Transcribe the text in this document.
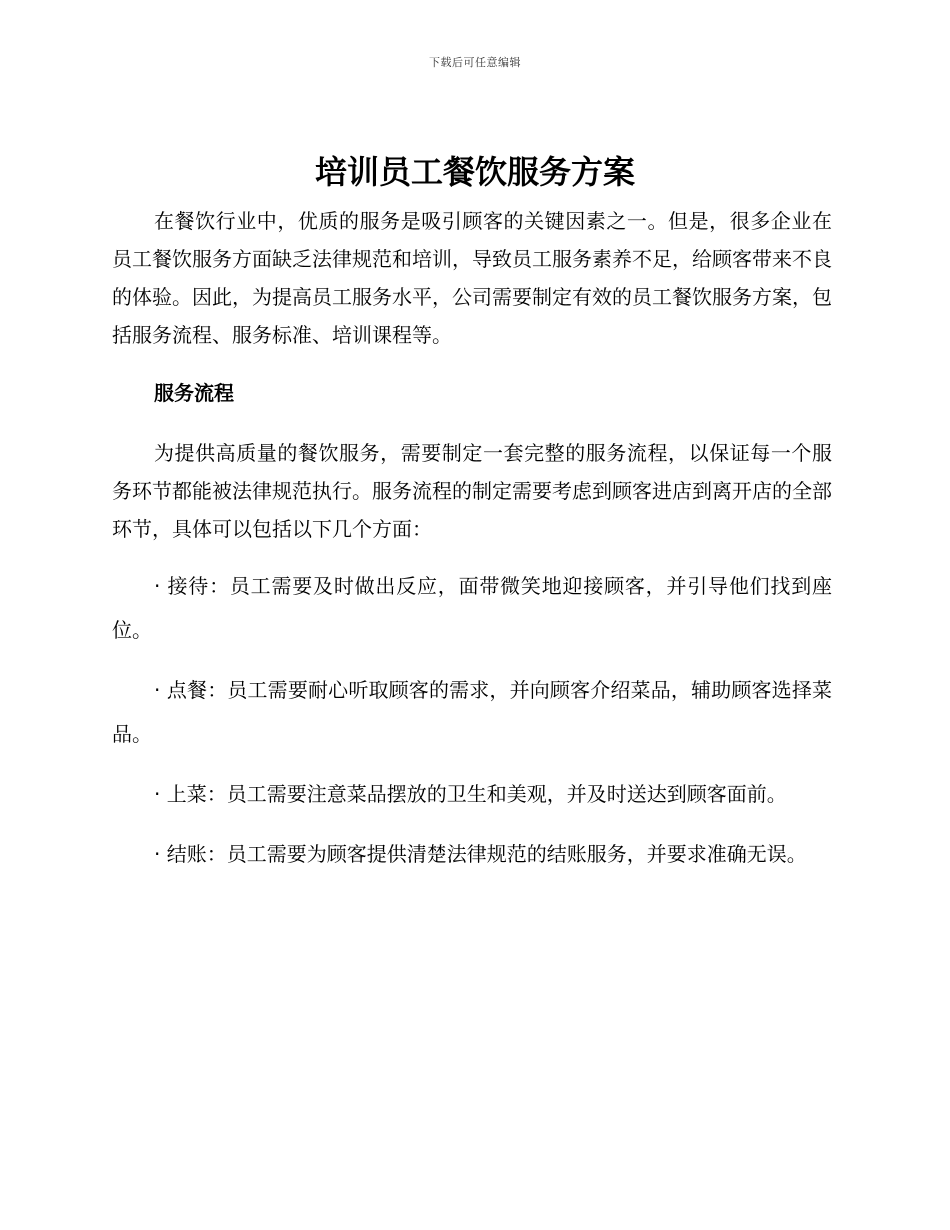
下载后可任意编辑
培训员工餐饮服务方案

在餐饮行业中，优质的服务是吸引顾客的关键因素之一。但是，很多企业在员工餐饮服务方面缺乏法律规范和培训，导致员工服务素养不足，给顾客带来不良的体验。因此，为提高员工服务水平，公司需要制定有效的员工餐饮服务方案，包括服务流程、服务标准、培训课程等。

服务流程

为提供高质量的餐饮服务，需要制定一套完整的服务流程，以保证每一个服务环节都能被法律规范执行。服务流程的制定需要考虑到顾客进店到离开店的全部环节，具体可以包括以下几个方面：

· 接待：员工需要及时做出反应，面带微笑地迎接顾客，并引导他们找到座位。

· 点餐：员工需要耐心听取顾客的需求，并向顾客介绍菜品，辅助顾客选择菜品。

· 上菜：员工需要注意菜品摆放的卫生和美观，并及时送达到顾客面前。

· 结账：员工需要为顾客提供清楚法律规范的结账服务，并要求准确无误。
